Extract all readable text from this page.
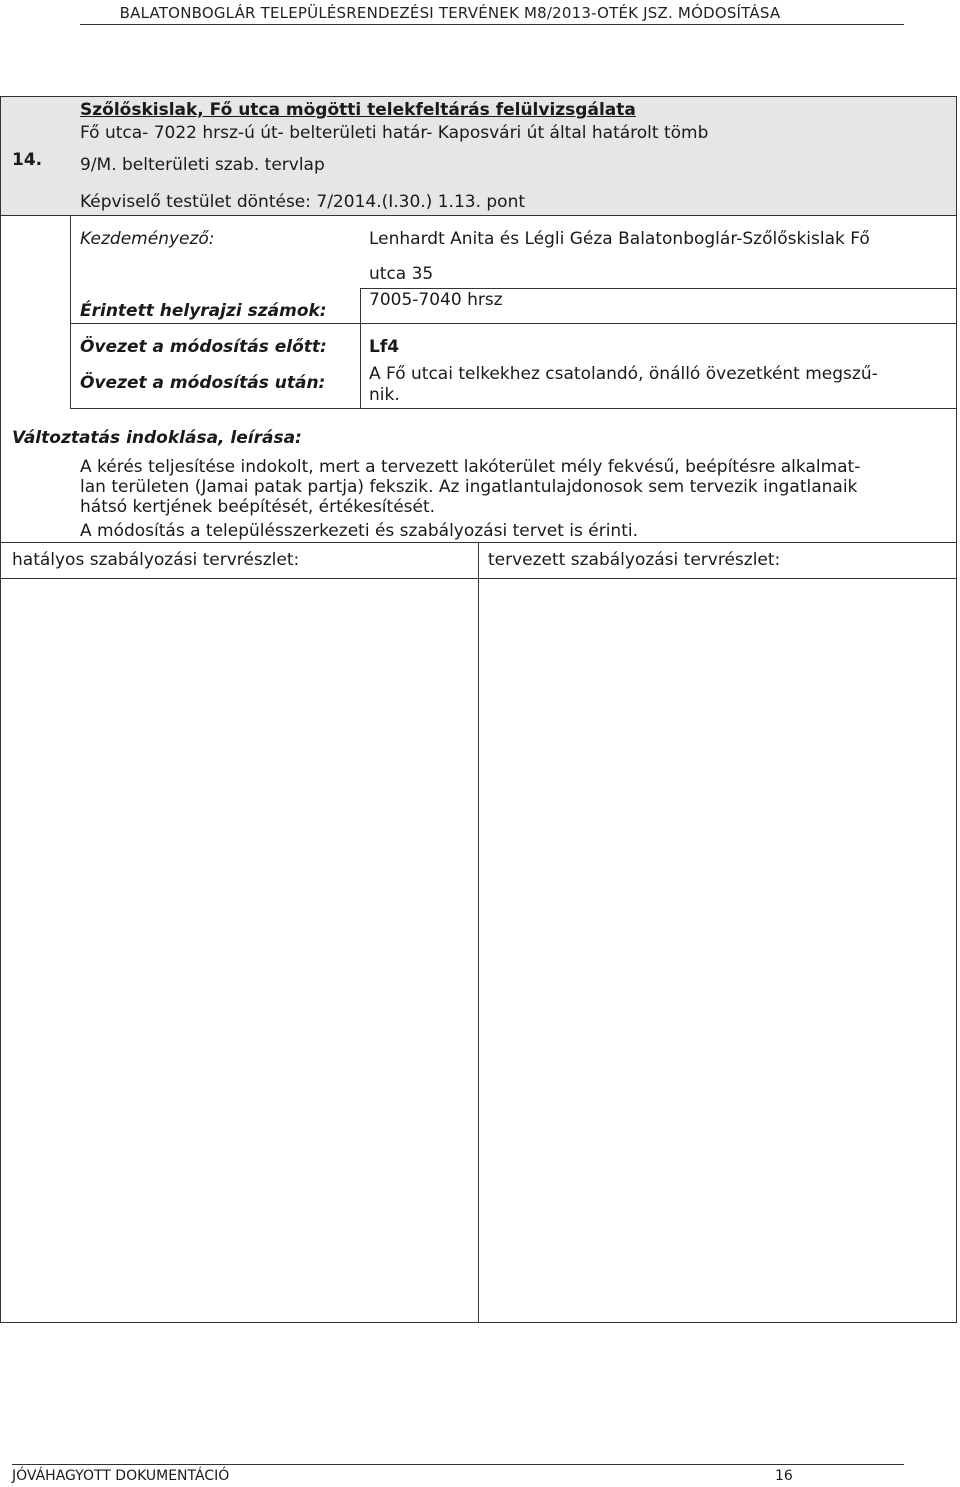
BALATONBOGLÁR TELEPÜLÉSRENDEZÉSI TERVÉNEK M8/2013-OTÉK JSZ. MÓDOSÍTÁSA
14.
Szőlőskislak, Fő utca mögötti telekfeltárás felülvizsgálata
Fő utca- 7022 hrsz-ú út- belterületi határ- Kaposvári út által határolt tömb
9/M. belterületi szab. tervlap
Képviselő testület döntése: 7/2014.(I.30.) 1.13. pont
Kezdeményező:	Lenhardt Anita és Légli Géza Balatonboglár-Szőlőskislak Fő
utca 35
Érintett helyrajzi számok:
7005-7040 hrsz
Övezet a módosítás előtt: Lf4
Övezet a módosítás után:	A Fő utcai telkekhez csatolandó, önálló övezetként megszű-
nik.
Változtatás indoklása, leírása:
A kérés teljesítése indokolt, mert a tervezett lakóterület mély fekvésű, beépítésre alkalmat-
lan területen (Jamai patak partja) fekszik. Az ingatlantulajdonosok sem tervezik ingatlanaik
hátsó kertjének beépítését, értékesítését.
A módosítás a településszerkezeti és szabályozási tervet is érinti.
hatályos szabályozási tervrészlet:	tervezett szabályozási tervrészlet:
JÓVÁHAGYOTT DOKUMENTÁCIÓ	16
